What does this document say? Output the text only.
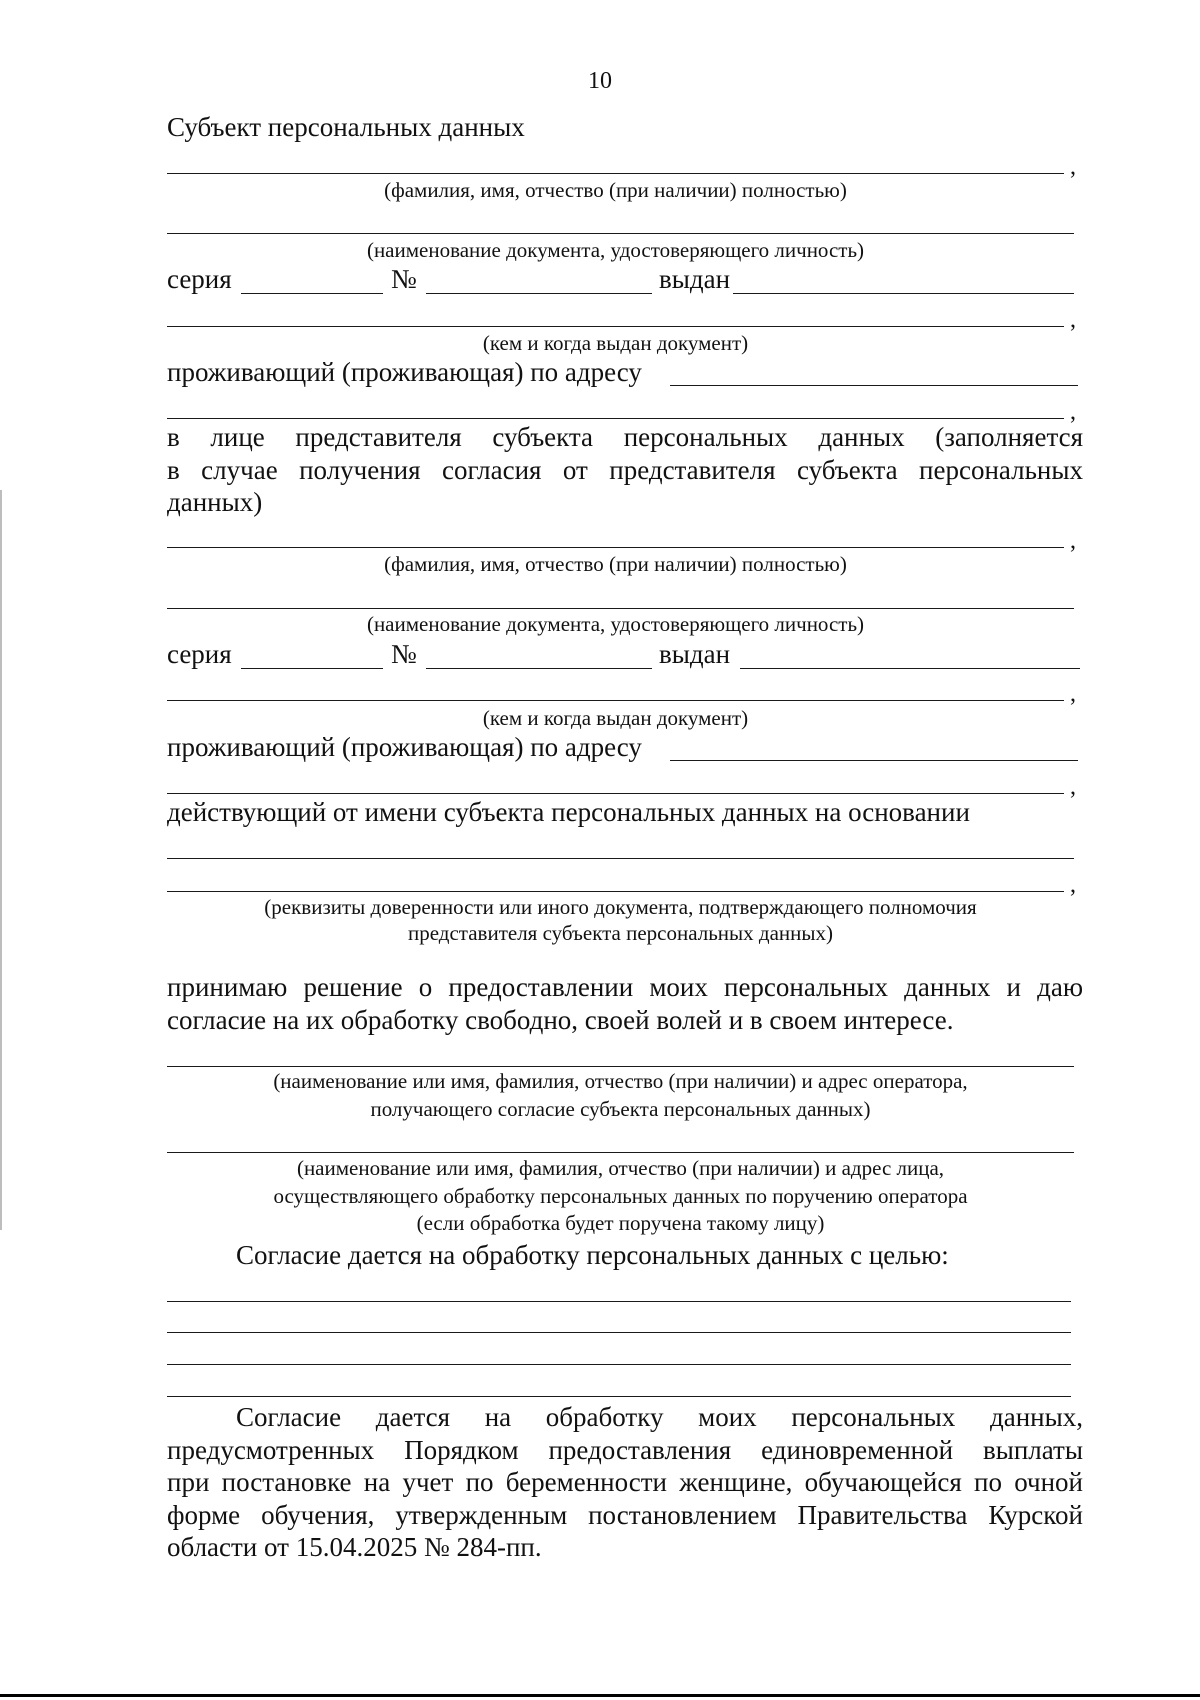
10
Субъект персональных данных
,
(фамилия, имя, отчество (при наличии) полностью)
(наименование документа, удостоверяющего личность)
серия	№	выдан
,
(кем и когда выдан документ)
проживающий (проживающая) по адресу
,
в лице представителя субъекта персональных данных (заполняется
в случае получения согласия от представителя субъекта персональных
данных)
,
(фамилия, имя, отчество (при наличии) полностью)
(наименование документа, удостоверяющего личность)
серия	№	выдан
,
(кем и когда выдан документ)
проживающий (проживающая) по адресу
,
действующий от имени субъекта персональных данных на основании
,
(реквизиты доверенности или иного документа, подтверждающего полномочия
представителя субъекта персональных данных)
принимаю решение о предоставлении моих персональных данных и даю
согласие на их обработку свободно, своей волей и в своем интересе.
(наименование или имя, фамилия, отчество (при наличии) и адрес оператора,
получающего согласие субъекта персональных данных)
(наименование или имя, фамилия, отчество (при наличии) и адрес лица,
осуществляющего обработку персональных данных по поручению оператора
(если обработка будет поручена такому лицу)
Согласие дается на обработку персональных данных с целью:
Согласие дается на обработку моих персональных данных,
предусмотренных Порядком предоставления единовременной выплаты
при постановке на учет по беременности женщине, обучающейся по очной
форме обучения, утвержденным постановлением Правительства Курской
области от 15.04.2025 № 284-пп.
